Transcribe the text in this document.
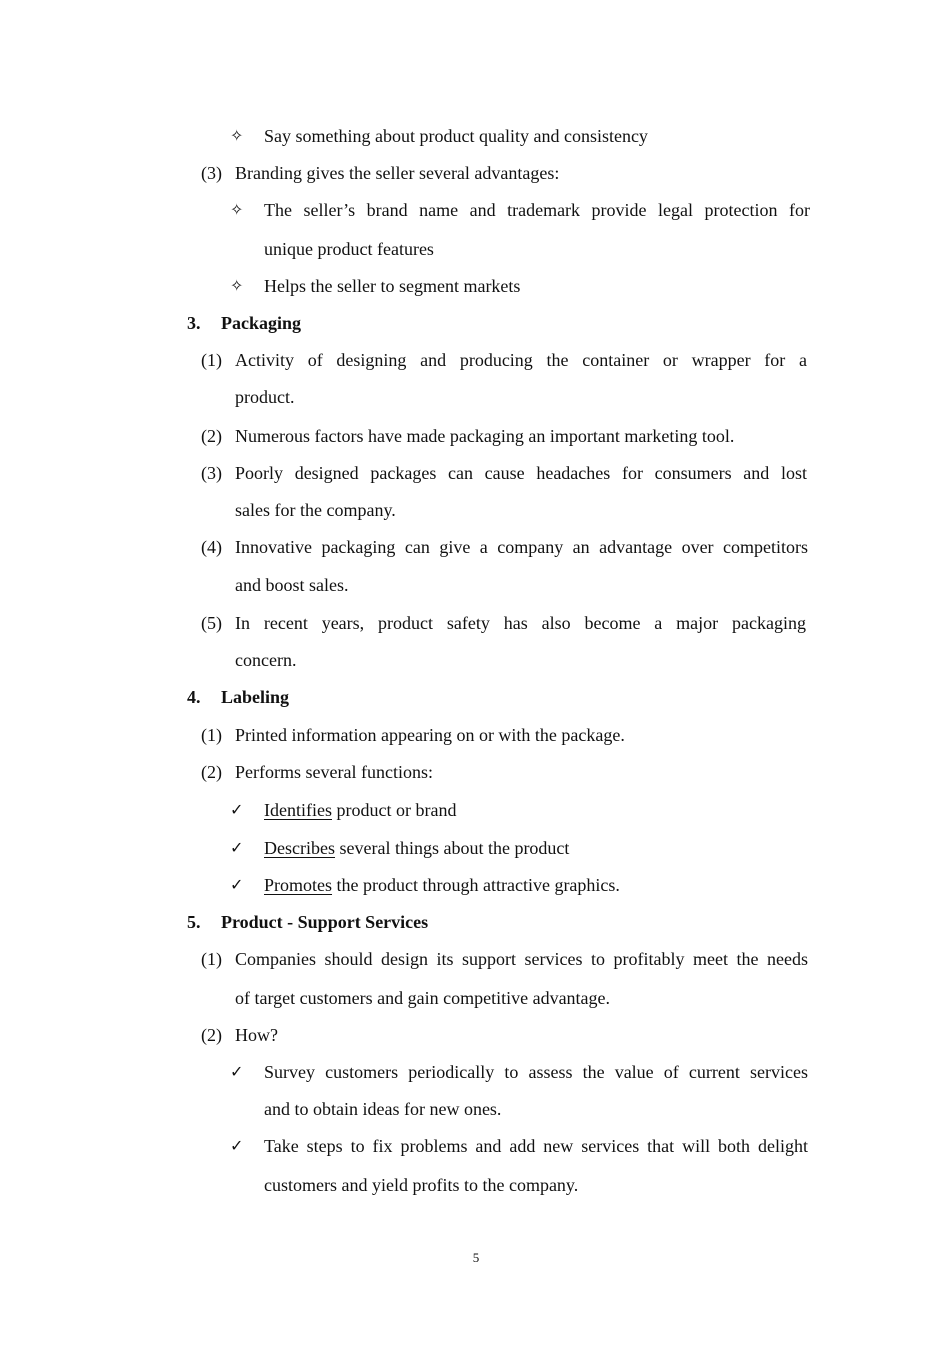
✧ Say something about product quality and consistency
(3) Branding gives the seller several advantages:
✧ The seller’s brand name and trademark provide legal protection for
unique product features
✧ Helps the seller to segment markets
3. Packaging
(1) Activity of designing and producing the container or wrapper for a
product.
(2) Numerous factors have made packaging an important marketing tool.
(3) Poorly designed packages can cause headaches for consumers and lost
sales for the company.
(4) Innovative packaging can give a company an advantage over competitors
and boost sales.
(5) In recent years, product safety has also become a major packaging
concern.
4. Labeling
(1) Printed information appearing on or with the package.
(2) Performs several functions:
✓ Identifies product or brand
✓ Describes several things about the product
✓ Promotes the product through attractive graphics.
5. Product - Support Services
(1) Companies should design its support services to profitably meet the needs
of target customers and gain competitive advantage.
(2) How?
✓ Survey customers periodically to assess the value of current services
and to obtain ideas for new ones.
✓ Take steps to fix problems and add new services that will both delight
customers and yield profits to the company.
5
